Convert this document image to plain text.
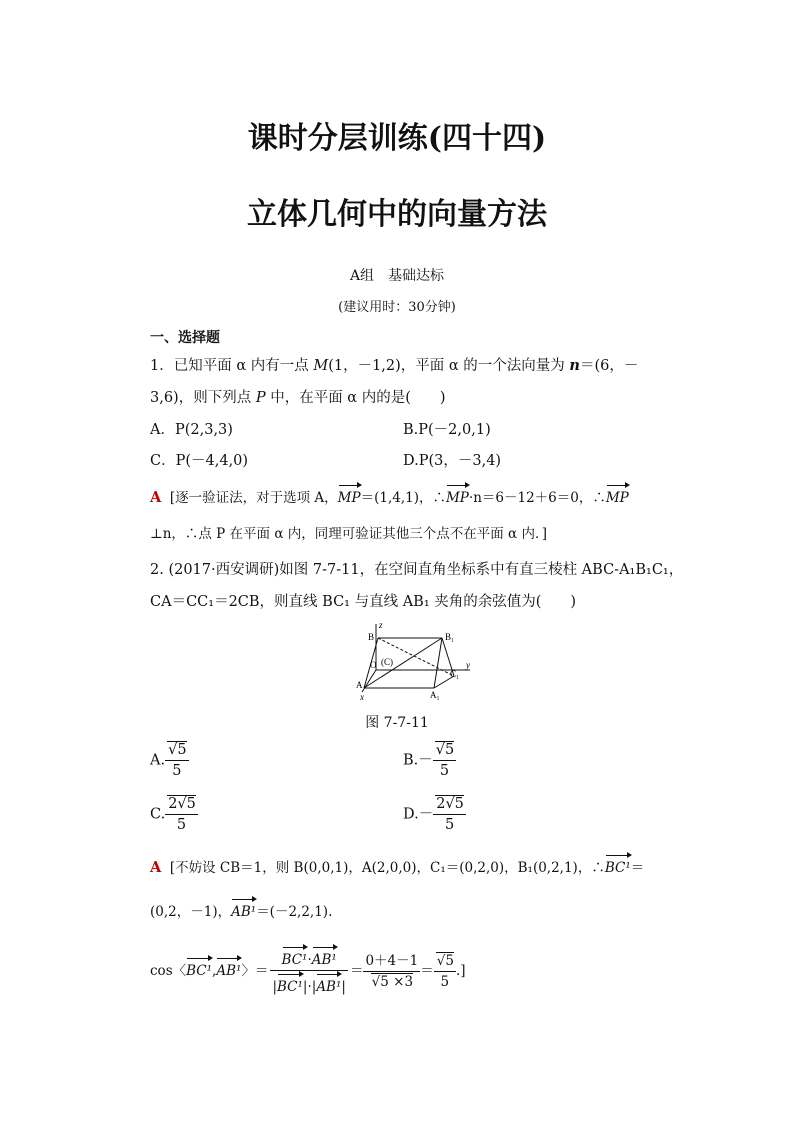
课时分层训练(四十四)
立体几何中的向量方法
A组　基础达标
(建议用时：30分钟)
一、选择题
1．已知平面 α 内有一点 M(1，－1,2)，平面 α 的一个法向量为 n＝(6，－
3,6)，则下列点 P 中，在平面 α 内的是(　　)
A．P(2,3,3)	B.P(－2,0,1)
C．P(－4,4,0)	D.P(3，－3,4)
A [逐一验证法，对于选项 A，MP＝(1,4,1)，∴MP·n＝6－12＋6＝0，∴MP
⊥n，∴点 P 在平面 α 内，同理可验证其他三个点不在平面 α 内．]
2. (2017·西安调研)如图 7-7-11，在空间直角坐标系中有直三棱柱 ABC-A₁B₁C₁，
CA＝CC₁＝2CB，则直线 BC₁ 与直线 AB₁ 夹角的余弦值为(　　)
B
z
B₁
O (C)	y
C₁
A
x	A₁
图 7-7-11
A. $\frac{√5}{5}$	$B.- \frac{√5}{5}$
C. $\frac{2√5}{5}$	$D.- \frac{2√5}{5}$
A [不妨设 CB＝1，则 B(0,0,1)，A(2,0,0)，C₁＝(0,2,0)，B₁(0,2,1)，∴BC¹＝
(0,2，－1)，AB¹＝(－2,2,1).
cos〈BC¹,AB¹〉＝ $\frac{\text{BC¹·AB¹}}{\text{|BC¹|·|AB¹|}} = \frac{0+4-1}{√5 \times 3} = \frac{√5}{5}$ .]
